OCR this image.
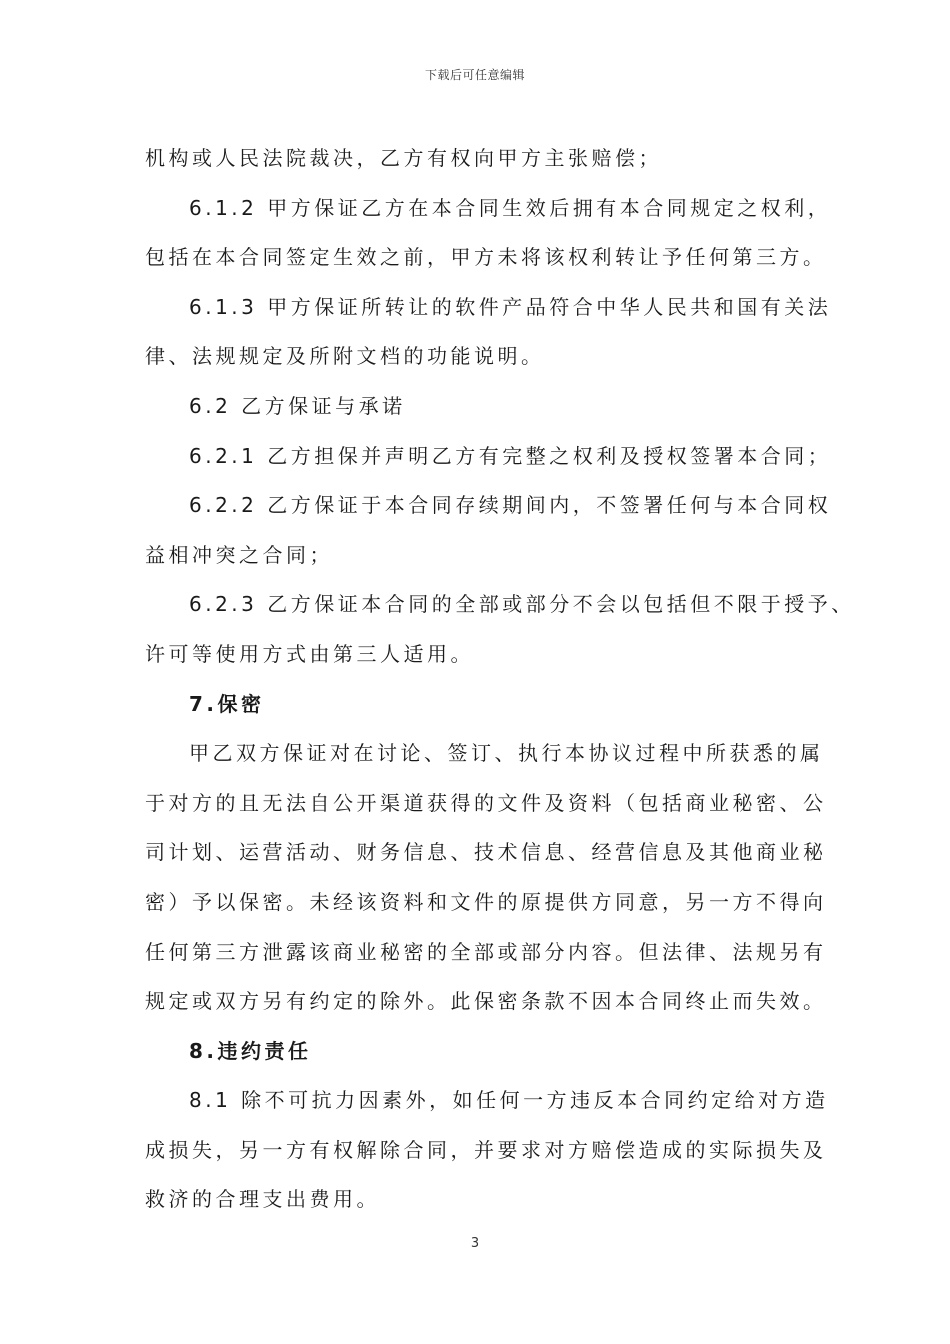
下载后可任意编辑

机构或人民法院裁决，乙方有权向甲方主张赔偿；

6.1.2 甲方保证乙方在本合同生效后拥有本合同规定之权利，

包括在本合同签定生效之前，甲方未将该权利转让予任何第三方。

6.1.3 甲方保证所转让的软件产品符合中华人民共和国有关法

律、法规规定及所附文档的功能说明。

6.2 乙方保证与承诺

6.2.1 乙方担保并声明乙方有完整之权利及授权签署本合同；

6.2.2 乙方保证于本合同存续期间内，不签署任何与本合同权

益相冲突之合同；

6.2.3 乙方保证本合同的全部或部分不会以包括但不限于授予、

许可等使用方式由第三人适用。

7.保密

甲乙双方保证对在讨论、签订、执行本协议过程中所获悉的属

于对方的且无法自公开渠道获得的文件及资料（包括商业秘密、公

司计划、运营活动、财务信息、技术信息、经营信息及其他商业秘

密）予以保密。未经该资料和文件的原提供方同意，另一方不得向

任何第三方泄露该商业秘密的全部或部分内容。但法律、法规另有

规定或双方另有约定的除外。此保密条款不因本合同终止而失效。

8.违约责任

8.1 除不可抗力因素外，如任何一方违反本合同约定给对方造

成损失，另一方有权解除合同，并要求对方赔偿造成的实际损失及

救济的合理支出费用。

3
